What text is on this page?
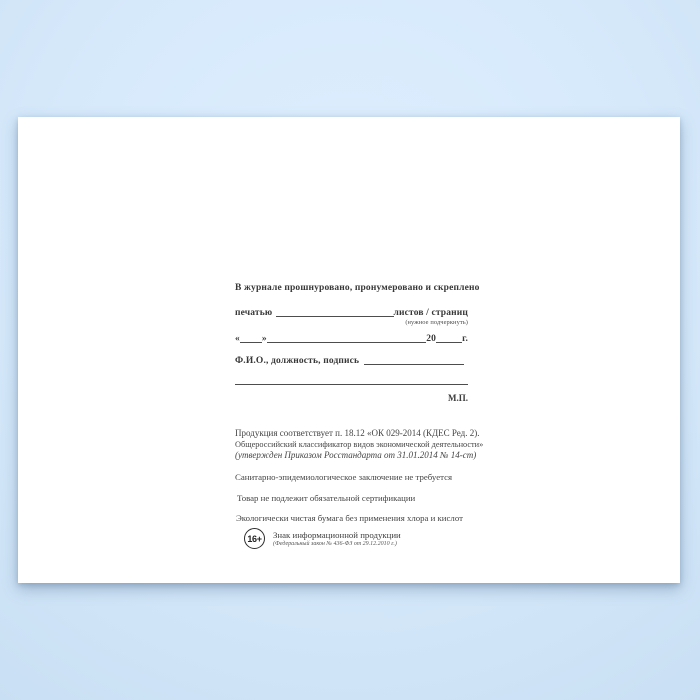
В журнале прошнуровано, пронумеровано и скреплено
печатью	листов / страниц
(нужное подчеркнуть)
« »	20	г.
Ф.И.О., должность, подпись
М.П.
Продукция соответствует п. 18.12 «ОК 029-2014 (КДЕС Ред. 2).
Общероссийский классификатор видов экономической деятельности»
(утвержден Приказом Росстандарта от 31.01.2014 № 14-ст)
Санитарно-эпидемиологическое заключение не требуется
Товар не подлежит обязательной сертификации
Экологически чистая бумага без применения хлора и кислот
16+	Знак информационной продукции
(Федеральный закон № 436-ФЗ от 29.12.2010 г.)
